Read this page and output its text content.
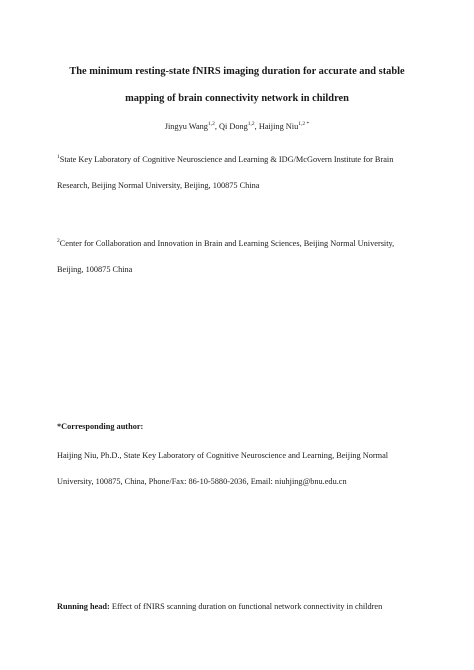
The minimum resting-state fNIRS imaging duration for accurate and stable
mapping of brain connectivity network in children
Jingyu Wang$^{1,2}$, Qi Dong$^{1,2}$, Haijing Niu$^{1,2 *}$
$^1$State Key Laboratory of Cognitive Neuroscience and Learning & IDG/McGovern Institute for Brain
Research, Beijing Normal University, Beijing, 100875 China
$^2$Center for Collaboration and Innovation in Brain and Learning Sciences, Beijing Normal University,
Beijing, 100875 China
*Corresponding author:
Haijing Niu, Ph.D., State Key Laboratory of Cognitive Neuroscience and Learning, Beijing Normal
University, 100875, China, Phone/Fax: 86-10-5880-2036, Email: niuhjing@bnu.edu.cn
Running head: Effect of fNIRS scanning duration on functional network connectivity in children
